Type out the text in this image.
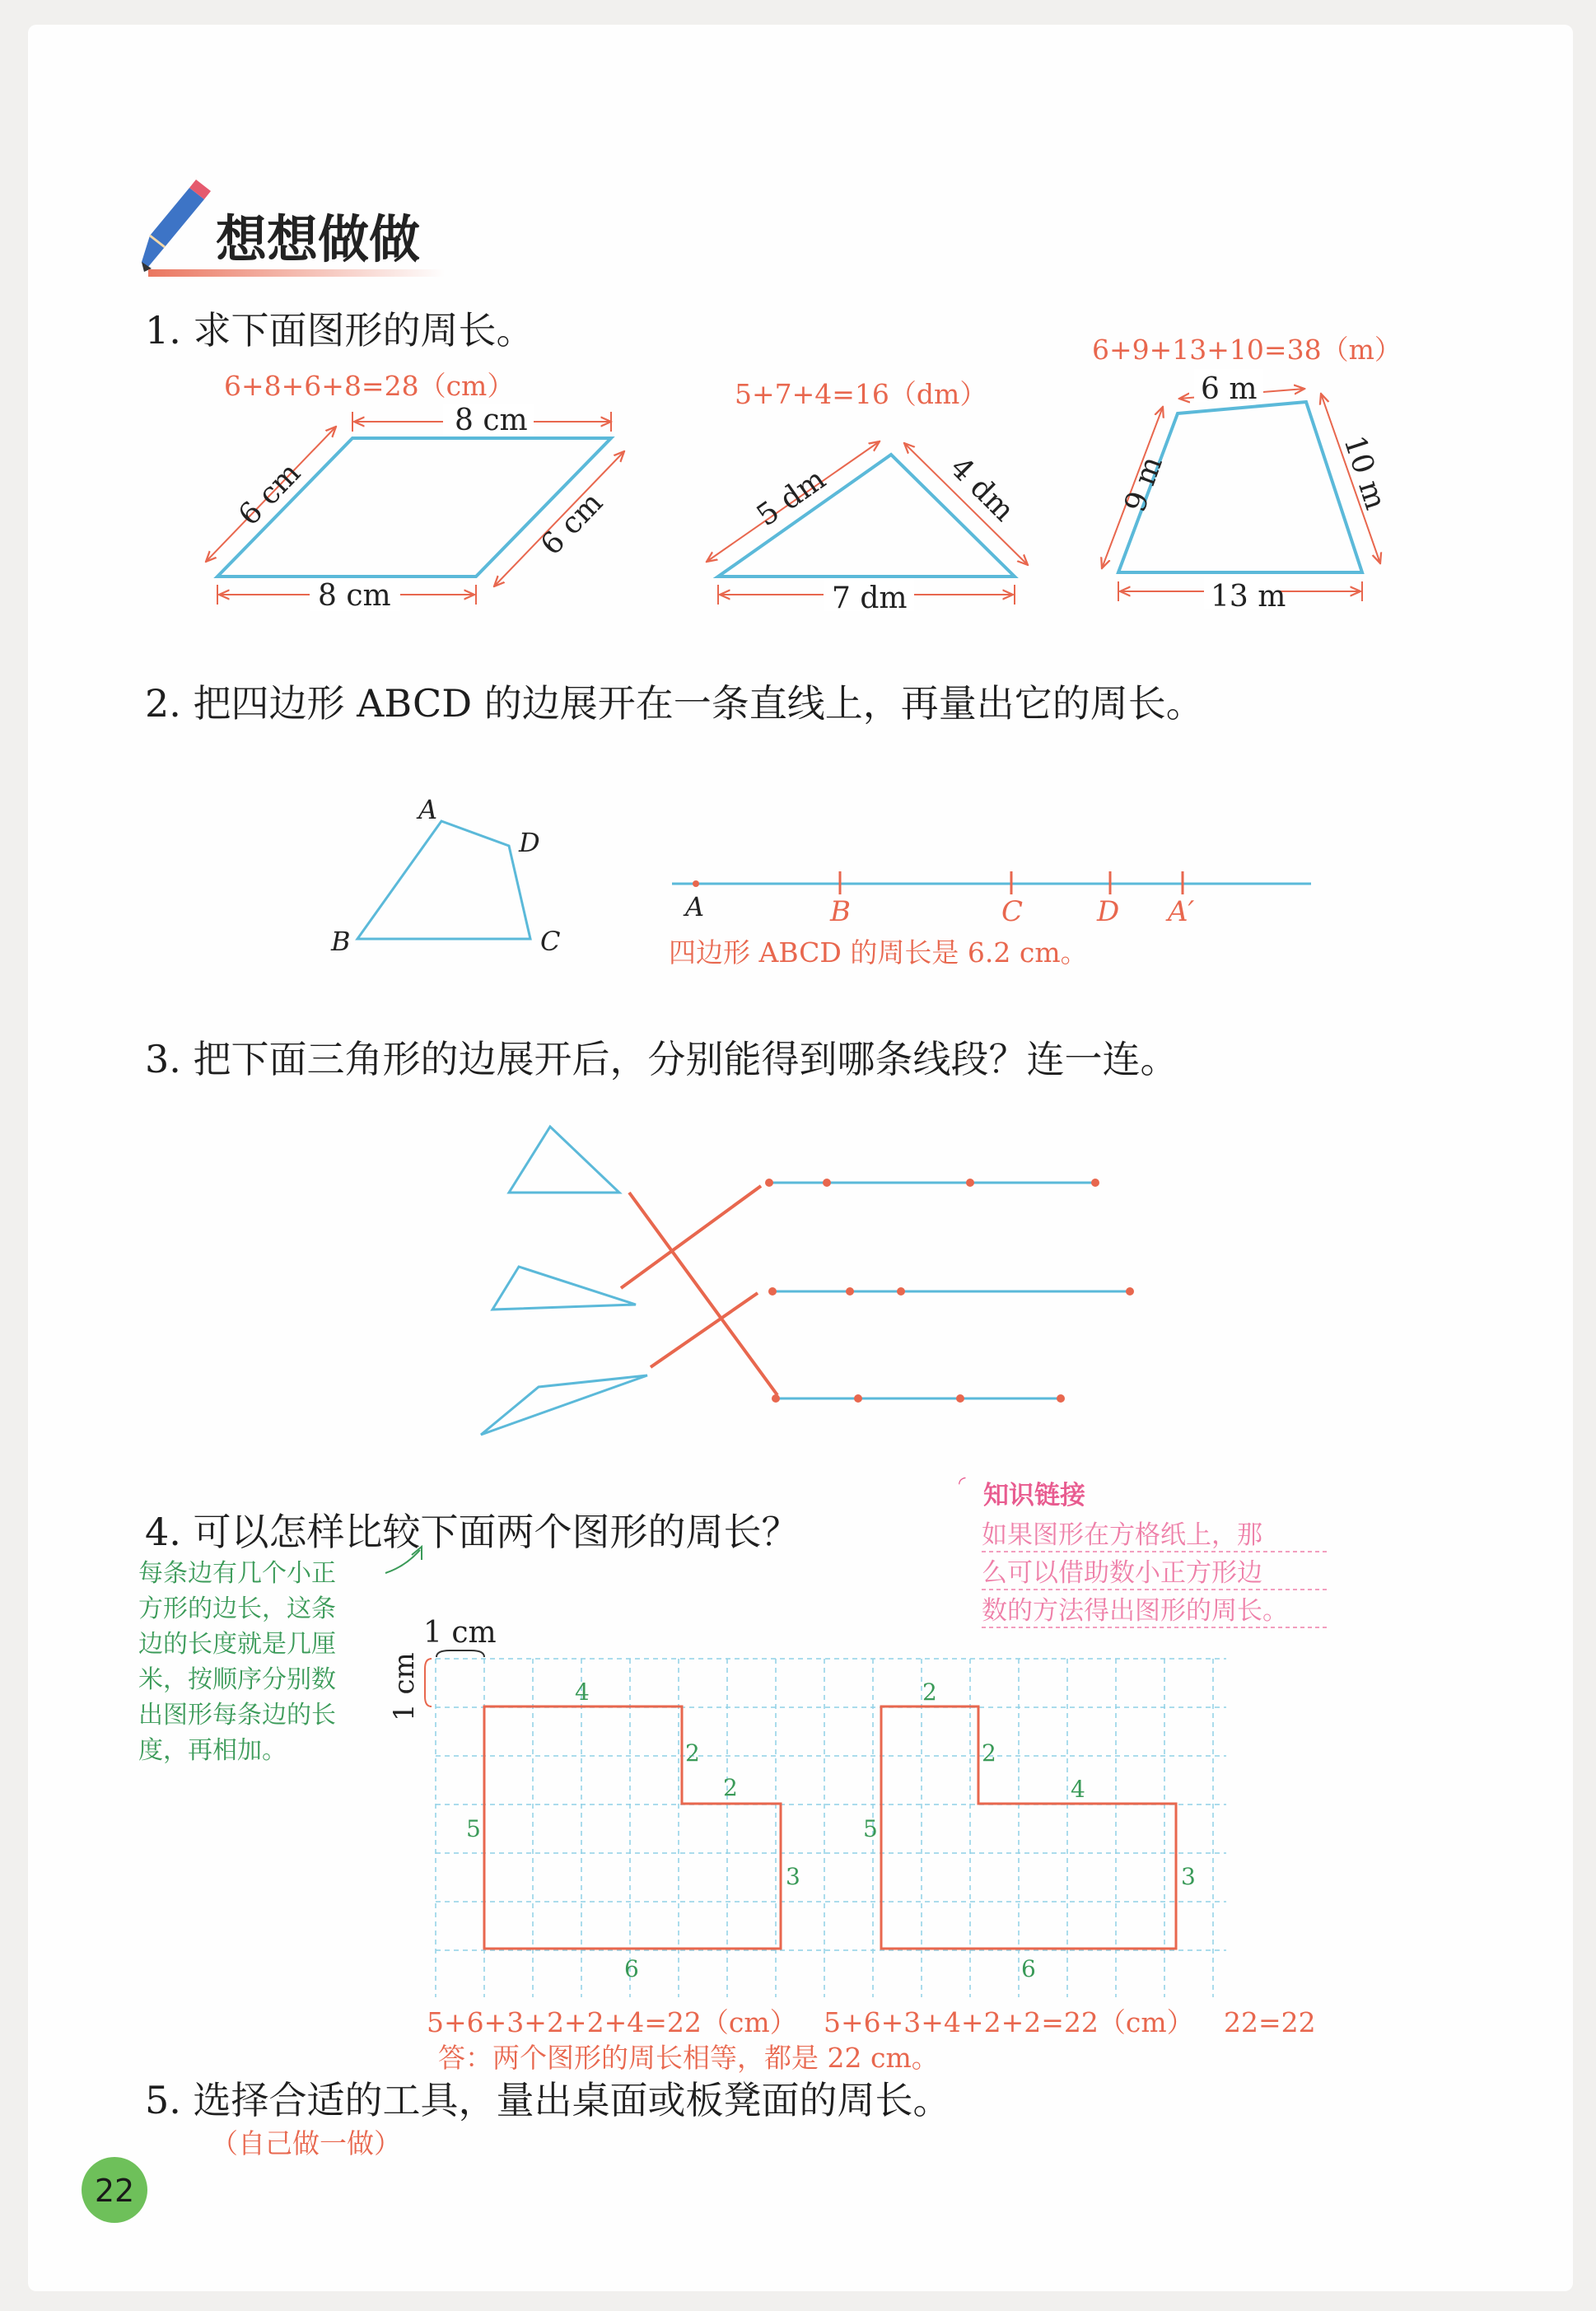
想想做做
1. 求下面图形的周长。
6+8+6+8=28（cm）
8 cm
8 cm
6 cm	6 cm
5+7+4=16（dm）
5 dm	4 dm
7 dm
6+9+13+10=38（m）
6 m
9 m	10 m
13 m
2. 把四边形 ABCD 的边展开在一条直线上，再量出它的周长。
A
D
B	C
A	B	C	D A′
四边形 ABCD 的周长是 6.2 cm。
3. 把下面三角形的边展开后，分别能得到哪条线段？连一连。
4. 可以怎样比较下面两个图形的周长？
每条边有几个小正
方形的边长，这条
边的长度就是几厘
米，按顺序分别数
出图形每条边的长
度，再相加。
◜ 知识链接
如果图形在方格纸上，那
么可以借助数小正方形边
数的方法得出图形的周长。
1 cm
1 cm	4
2
2
5
3
6
2
2
4
5
3
6
5+6+3+2+2+4=22（cm） 5+6+3+4+2+2=22（cm） 22=22
答：两个图形的周长相等，都是 22 cm。
5. 选择合适的工具，量出桌面或板凳面的周长。
（自己做一做）
22
